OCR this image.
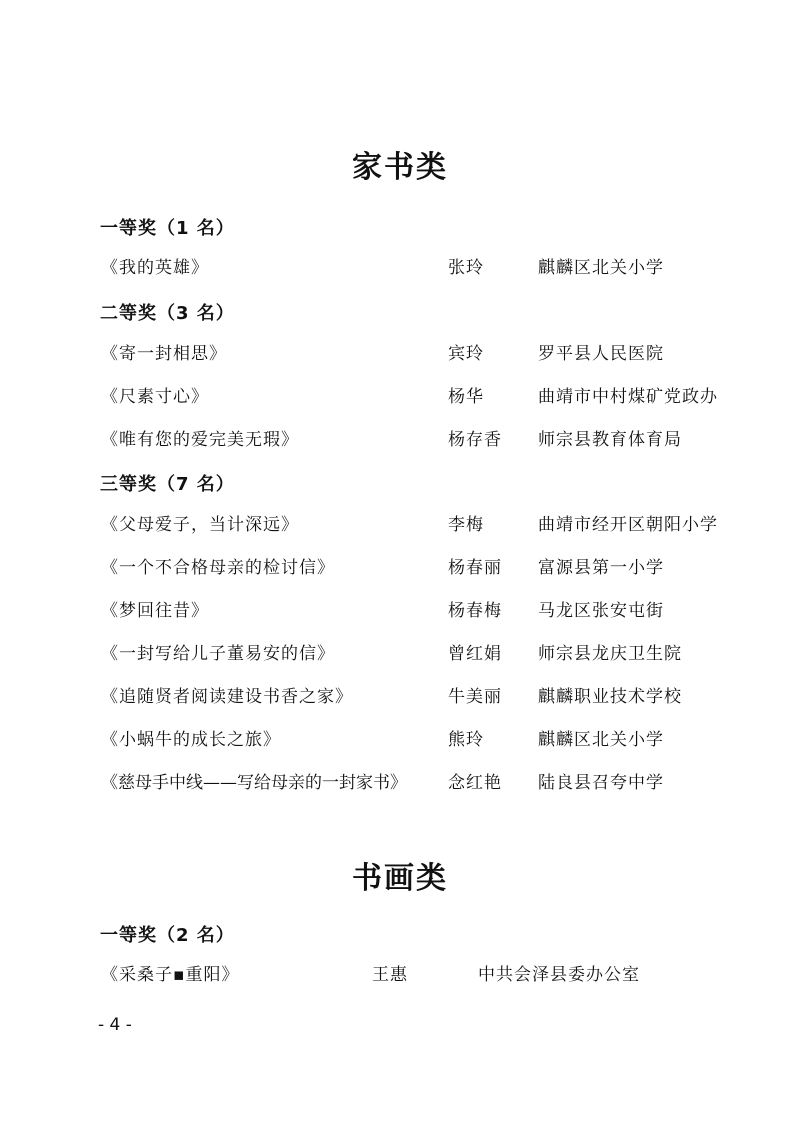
家书类
一等奖（1 名）
《我的英雄》	张玲	麒麟区北关小学
二等奖（3 名）
《寄一封相思》	宾玲	罗平县人民医院
《尺素寸心》	杨华	曲靖市中村煤矿党政办
《唯有您的爱完美无瑕》	杨存香 师宗县教育体育局
三等奖（7 名）
《父母爱子，当计深远》	李梅	曲靖市经开区朝阳小学
《一个不合格母亲的检讨信》	杨春丽 富源县第一小学
《梦回往昔》	杨春梅 马龙区张安屯街
《一封写给儿子董易安的信》	曾红娟 师宗县龙庆卫生院
《追随贤者阅读建设书香之家》	牛美丽 麒麟职业技术学校
《小蜗牛的成长之旅》	熊玲	麒麟区北关小学
《慈母手中线——写给母亲的一封家书》 念红艳 陆良县召夸中学
书画类
一等奖（2 名）
《采桑子▪重阳》	王惠	中共会泽县委办公室
- 4 -
